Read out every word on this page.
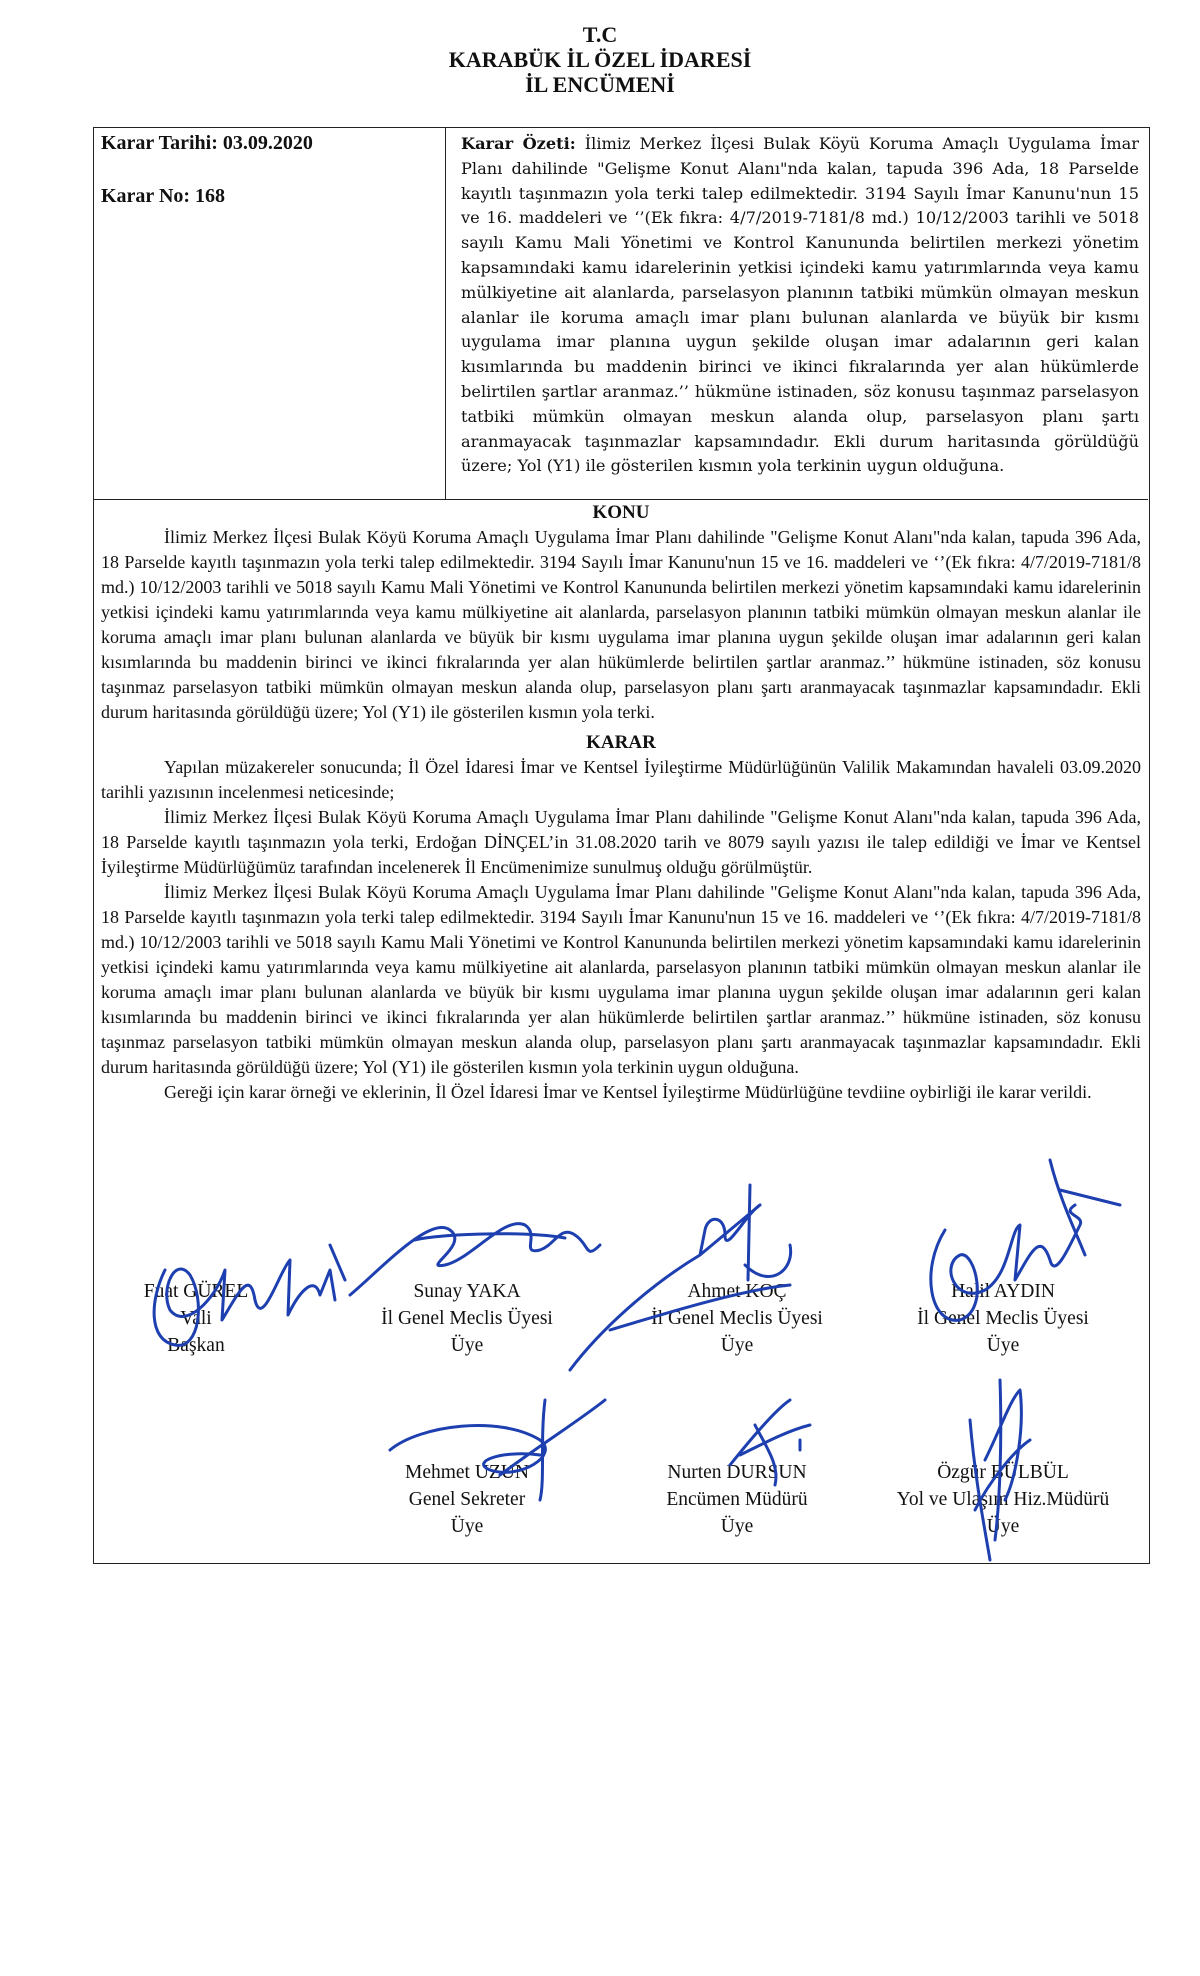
T.C
KARABÜK İL ÖZEL İDARESİ
İL ENCÜMENİ
Karar Tarihi: 03.09.2020
Karar No: 168
Karar Özeti: İlimiz Merkez İlçesi Bulak Köyü Koruma Amaçlı Uygulama İmar Planı dahilinde "Gelişme Konut Alanı"nda kalan, tapuda 396 Ada, 18 Parselde kayıtlı taşınmazın yola terki talep edilmektedir. 3194 Sayılı İmar Kanunu'nun 15 ve 16. maddeleri ve ‘’(Ek fıkra: 4/7/2019-7181/8 md.) 10/12/2003 tarihli ve 5018 sayılı Kamu Mali Yönetimi ve Kontrol Kanununda belirtilen merkezi yönetim kapsamındaki kamu idarelerinin yetkisi içindeki kamu yatırımlarında veya kamu mülkiyetine ait alanlarda, parselasyon planının tatbiki mümkün olmayan meskun alanlar ile koruma amaçlı imar planı bulunan alanlarda ve büyük bir kısmı uygulama imar planına uygun şekilde oluşan imar adalarının geri kalan kısımlarında bu maddenin birinci ve ikinci fıkralarında yer alan hükümlerde belirtilen şartlar aranmaz.’’ hükmüne istinaden, söz konusu taşınmaz parselasyon tatbiki mümkün olmayan meskun alanda olup, parselasyon planı şartı aranmayacak taşınmazlar kapsamındadır. Ekli durum haritasında görüldüğü üzere; Yol (Y1) ile gösterilen kısmın yola terkinin uygun olduğuna.
KONU

İlimiz Merkez İlçesi Bulak Köyü Koruma Amaçlı Uygulama İmar Planı dahilinde "Gelişme Konut Alanı"nda kalan, tapuda 396 Ada, 18 Parselde kayıtlı taşınmazın yola terki talep edilmektedir. 3194 Sayılı İmar Kanunu'nun 15 ve 16. maddeleri ve ‘’(Ek fıkra: 4/7/2019-7181/8 md.) 10/12/2003 tarihli ve 5018 sayılı Kamu Mali Yönetimi ve Kontrol Kanununda belirtilen merkezi yönetim kapsamındaki kamu idarelerinin yetkisi içindeki kamu yatırımlarında veya kamu mülkiyetine ait alanlarda, parselasyon planının tatbiki mümkün olmayan meskun alanlar ile koruma amaçlı imar planı bulunan alanlarda ve büyük bir kısmı uygulama imar planına uygun şekilde oluşan imar adalarının geri kalan kısımlarında bu maddenin birinci ve ikinci fıkralarında yer alan hükümlerde belirtilen şartlar aranmaz.’’ hükmüne istinaden, söz konusu taşınmaz parselasyon tatbiki mümkün olmayan meskun alanda olup, parselasyon planı şartı aranmayacak taşınmazlar kapsamındadır. Ekli durum haritasında görüldüğü üzere; Yol (Y1) ile gösterilen kısmın yola terki.

KARAR

Yapılan müzakereler sonucunda; İl Özel İdaresi İmar ve Kentsel İyileştirme Müdürlüğünün Valilik Makamından havaleli 03.09.2020 tarihli yazısının incelenmesi neticesinde;

İlimiz Merkez İlçesi Bulak Köyü Koruma Amaçlı Uygulama İmar Planı dahilinde "Gelişme Konut Alanı"nda kalan, tapuda 396 Ada, 18 Parselde kayıtlı taşınmazın yola terki, Erdoğan DİNÇEL’in 31.08.2020 tarih ve 8079 sayılı yazısı ile talep edildiği ve İmar ve Kentsel İyileştirme Müdürlüğümüz tarafından incelenerek İl Encümenimize sunulmuş olduğu görülmüştür.

İlimiz Merkez İlçesi Bulak Köyü Koruma Amaçlı Uygulama İmar Planı dahilinde "Gelişme Konut Alanı"nda kalan, tapuda 396 Ada, 18 Parselde kayıtlı taşınmazın yola terki talep edilmektedir. 3194 Sayılı İmar Kanunu'nun 15 ve 16. maddeleri ve ‘’(Ek fıkra: 4/7/2019-7181/8 md.) 10/12/2003 tarihli ve 5018 sayılı Kamu Mali Yönetimi ve Kontrol Kanununda belirtilen merkezi yönetim kapsamındaki kamu idarelerinin yetkisi içindeki kamu yatırımlarında veya kamu mülkiyetine ait alanlarda, parselasyon planının tatbiki mümkün olmayan meskun alanlar ile koruma amaçlı imar planı bulunan alanlarda ve büyük bir kısmı uygulama imar planına uygun şekilde oluşan imar adalarının geri kalan kısımlarında bu maddenin birinci ve ikinci fıkralarında yer alan hükümlerde belirtilen şartlar aranmaz.’’ hükmüne istinaden, söz konusu taşınmaz parselasyon tatbiki mümkün olmayan meskun alanda olup, parselasyon planı şartı aranmayacak taşınmazlar kapsamındadır. Ekli durum haritasında görüldüğü üzere; Yol (Y1) ile gösterilen kısmın yola terkinin uygun olduğuna.

Gereği için karar örneği ve eklerinin, İl Özel İdaresi İmar ve Kentsel İyileştirme Müdürlüğüne tevdiine oybirliği ile karar verildi.

Fuat GÜREL
Vali
Başkan
Sunay YAKA
İl Genel Meclis Üyesi
Üye
Ahmet KOÇ
İl Genel Meclis Üyesi
Üye
Halil AYDIN
İl Genel Meclis Üyesi
Üye
Mehmet UZUN
Genel Sekreter
Üye
Nurten DURSUN
Encümen Müdürü
Üye
Özgür BÜLBÜL
Yol ve Ulaşım Hiz.Müdürü
Üye
